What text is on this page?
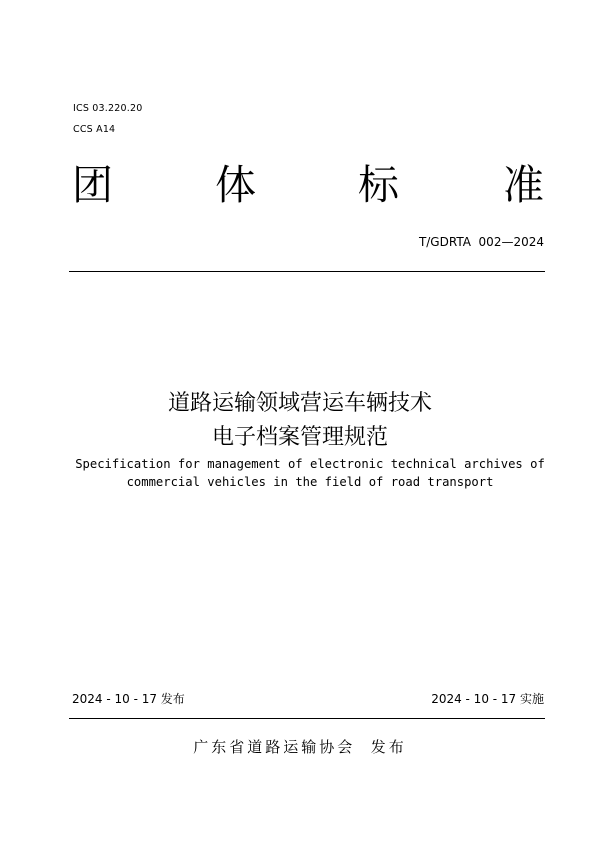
ICS 03.220.20
CCS A14
团 体 标	准
T/GDRTA  002—2024
道路运输领域营运车辆技术
电子档案管理规范
Specification for management of electronic technical archives of
commercial vehicles in the field of road transport
2024 - 10 - 17 发布	2024 - 10 - 17 实施
广东省道路运输协会  发布
